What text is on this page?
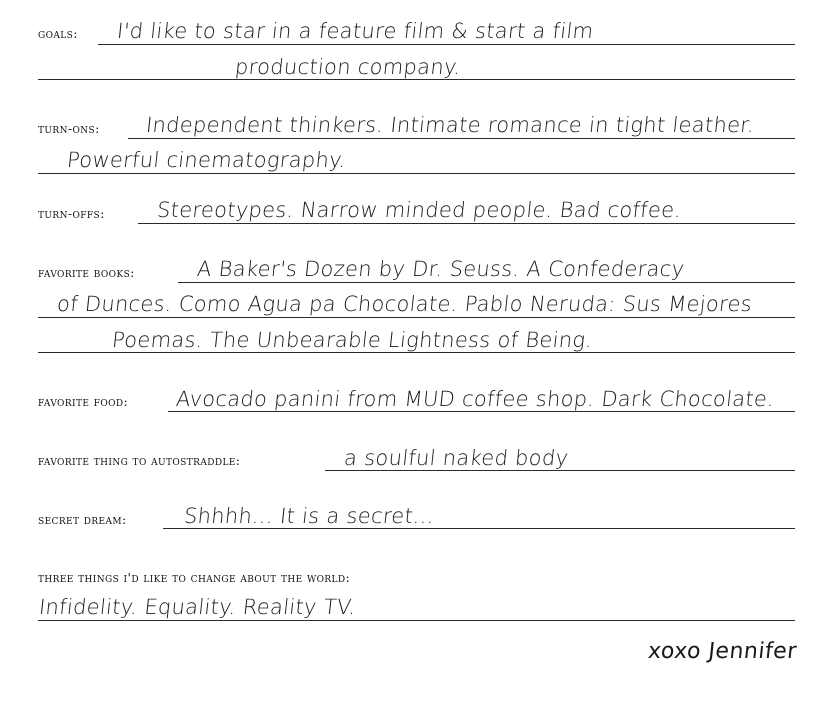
goals: I'd like to star in a feature film & start a film
production company.
turn-ons: Independent thinkers. Intimate romance in tight leather.
Powerful cinematography.
turn-offs: Stereotypes. Narrow minded people. Bad coffee.
favorite books:	A Baker's Dozen by Dr. Seuss. A Confederacy
of Dunces. Como Agua pa Chocolate. Pablo Neruda: Sus Mejores
Poemas. The Unbearable Lightness of Being.
favorite food: Avocado panini from MUD coffee shop. Dark Chocolate.
favorite thing to autostraddle:	a soulful naked body
secret dream:	Shhhh... It is a secret...
three things i'd like to change about the world:
Infidelity. Equality. Reality TV.
xoxo Jennifer
